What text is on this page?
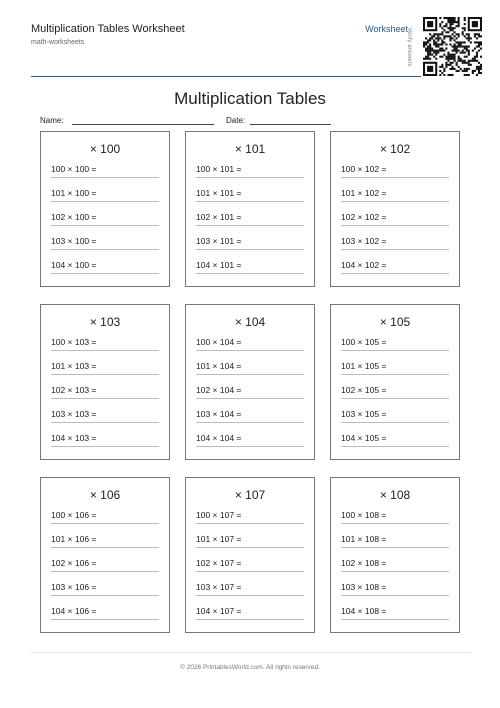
Multiplication Tables Worksheet
math-worksheets
Worksheet
Verify answers
Multiplication Tables
Name:	Date:
× 100
100 × 100 =
101 × 100 =
102 × 100 =
103 × 100 =
104 × 100 =
× 101
100 × 101 =
101 × 101 =
102 × 101 =
103 × 101 =
104 × 101 =
× 102
100 × 102 =
101 × 102 =
102 × 102 =
103 × 102 =
104 × 102 =
× 103
100 × 103 =
101 × 103 =
102 × 103 =
103 × 103 =
104 × 103 =
× 104
100 × 104 =
101 × 104 =
102 × 104 =
103 × 104 =
104 × 104 =
× 105
100 × 105 =
101 × 105 =
102 × 105 =
103 × 105 =
104 × 105 =
× 106
100 × 106 =
101 × 106 =
102 × 106 =
103 × 106 =
104 × 106 =
× 107
100 × 107 =
101 × 107 =
102 × 107 =
103 × 107 =
104 × 107 =
× 108
100 × 108 =
101 × 108 =
102 × 108 =
103 × 108 =
104 × 108 =
© 2026 PrintablesWorld.com. All rights reserved.
